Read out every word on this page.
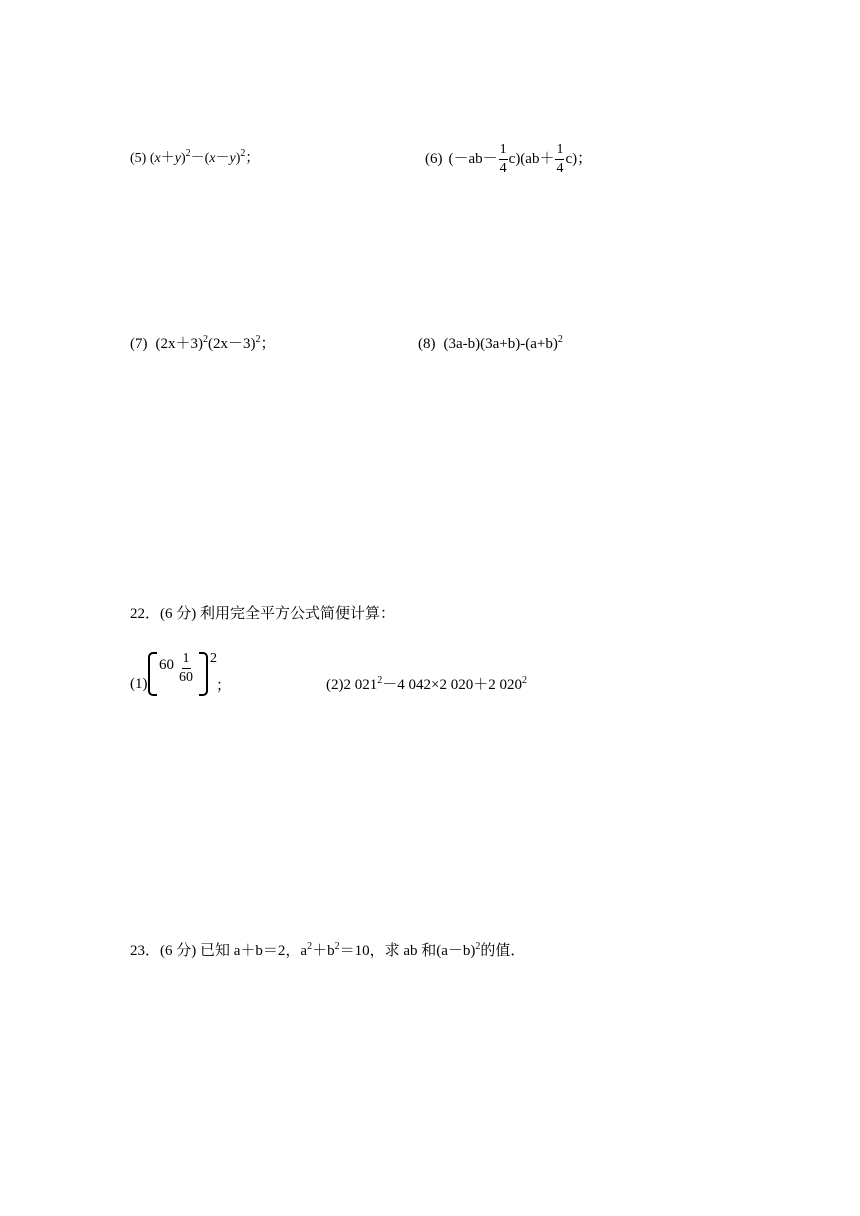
(5) $(x+y)^2-(x-y)^2$；	(6) $(-ab- \frac{1}{4} c)(ab+ \frac{1}{4} c)$；
(7) $(2x+3)^2(2x-3)^2$；	(8) $(3a-b)(3a+b)-(a+b)^2$
22．(6 分) 利用完全平方公式简便计算：
(1)
$60 \frac{1}{60} 2$
；	(2)2 $021^2-4$ 042×2 020＋2 $020^2$
23．(6 分) 已知 a＋b＝2，$a^2+b^2=10$，求 ab 和$(a-b)^2$的值．
